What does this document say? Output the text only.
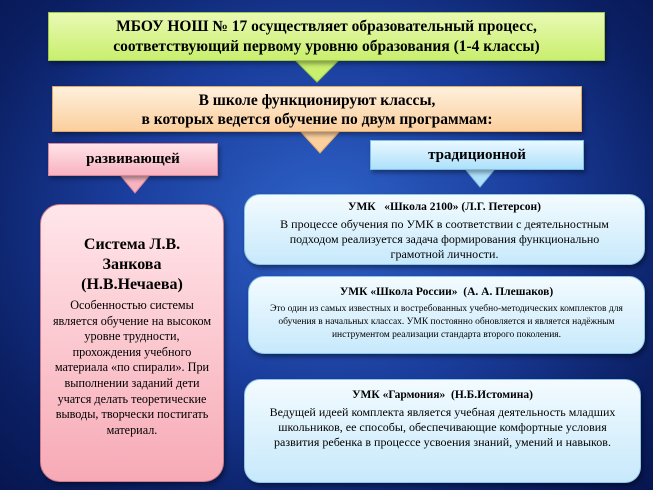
МБОУ НОШ № 17 осуществляет образовательный процесс,
соответствующий первому уровню образования (1-4 классы)
В школе функционируют классы,
в которых ведется обучение по двум программам:
развивающей	традиционной
Система Л.В.
Занкова
(Н.В.Нечаева)
Особенностью системы является обучение на высоком уровне трудности, прохождения учебного материала «по спирали». При выполнении заданий дети учатся делать теоретические выводы, творчески постигать материал.
УМК   «Школа 2100» (Л.Г. Петерсон)
В процессе обучения по УМК в соответствии с деятельностным подходом реализуется задача формирования функционально грамотной личности.
УМК «Школа России»  (А. А. Плешаков)
Это один из самых известных и востребованных учебно-методических комплектов для обучения в начальных классах. УМК постоянно обновляется и является надёжным инструментом реализации стандарта второго поколения.
УМК «Гармония»  (Н.Б.Истомина)
Ведущей идеей комплекта является учебная деятельность младших школьников, ее способы, обеспечивающие комфортные условия развития ребенка в процессе усвоения знаний, умений и навыков.
